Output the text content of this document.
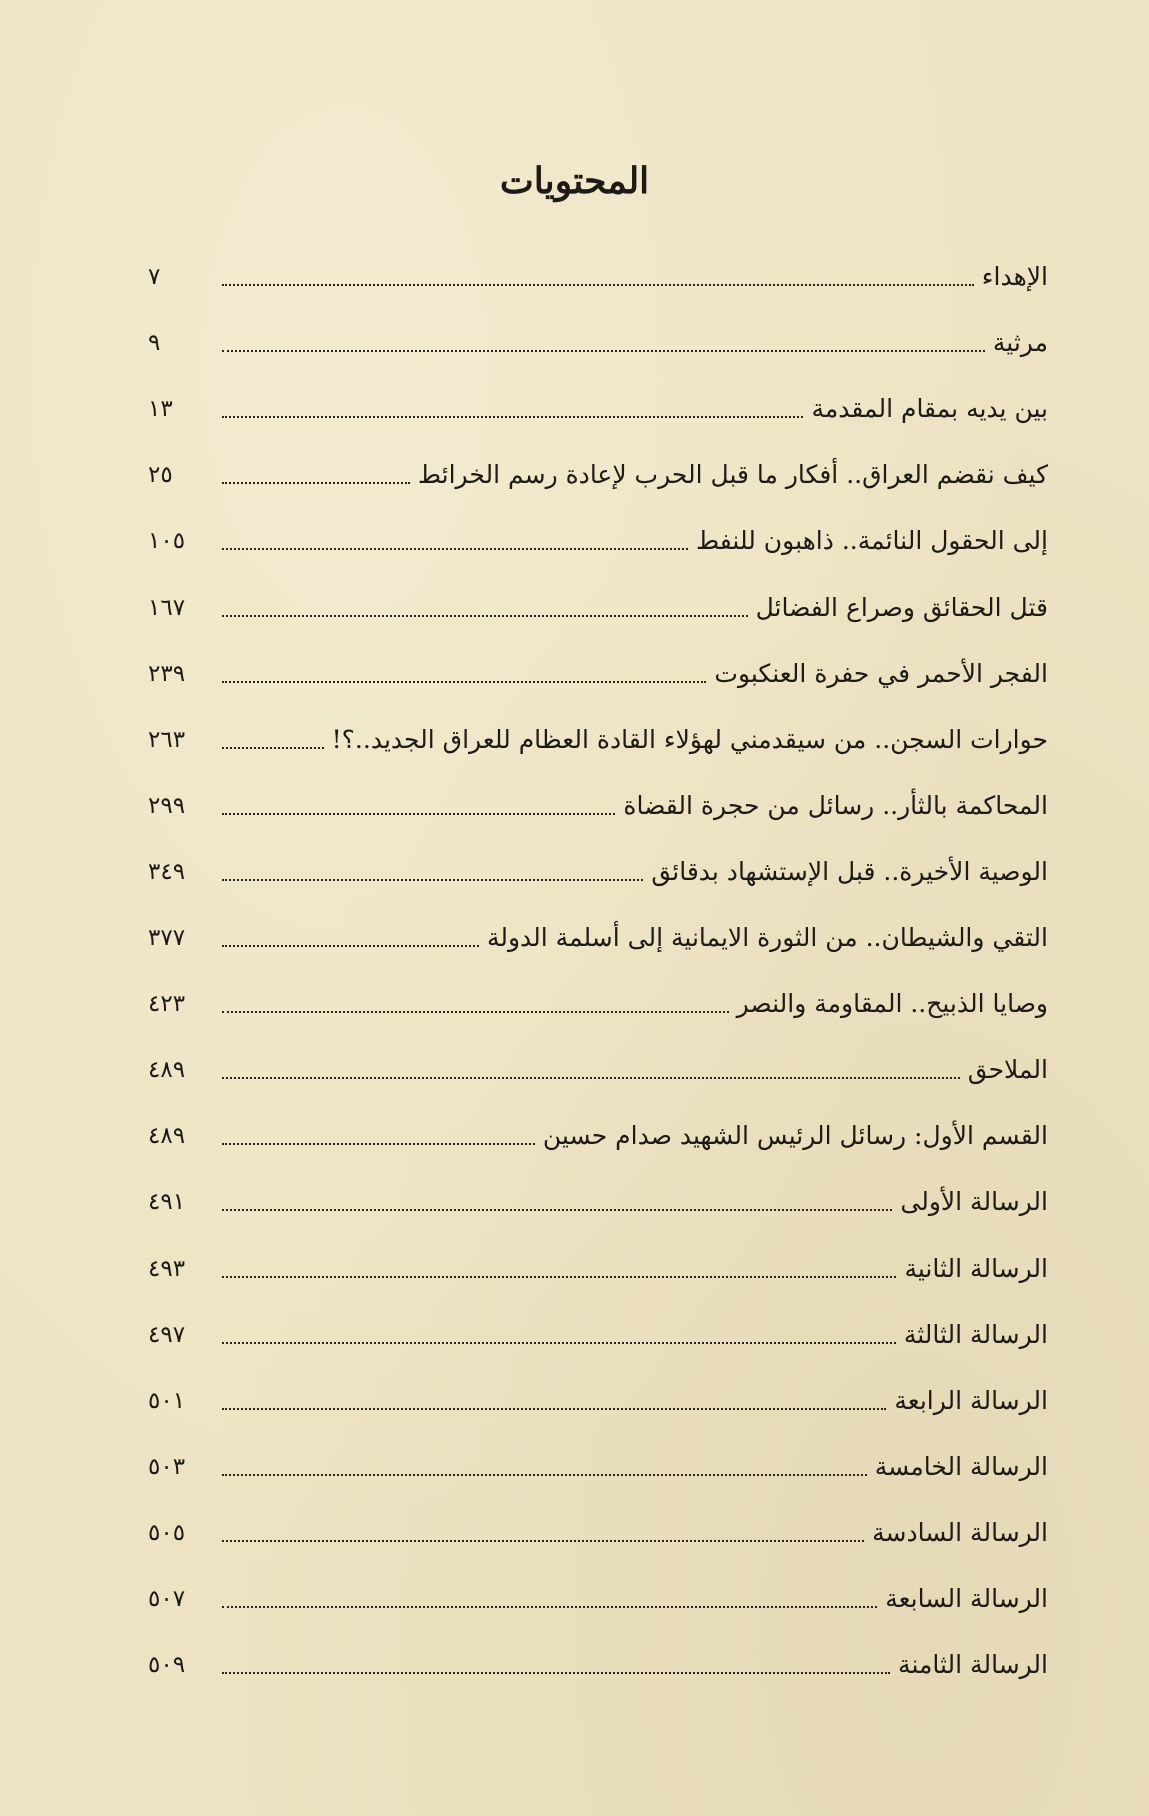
المحتويات
الإهداء
٧
مرثية
٩
بين يديه بمقام المقدمة
١٣
كيف نقضم العراق.. أفكار ما قبل الحرب لإعادة رسم الخرائط
٢٥
إلى الحقول النائمة.. ذاهبون للنفط
١٠٥
قتل الحقائق وصراع الفضائل
١٦٧
الفجر الأحمر في حفرة العنكبوت
٢٣٩
حوارات السجن.. من سيقدمني لهؤلاء القادة العظام للعراق الجديد..؟!
٢٦٣
المحاكمة بالثأر.. رسائل من حجرة القضاة
٢٩٩
الوصية الأخيرة.. قبل الإستشهاد بدقائق
٣٤٩
التقي والشيطان.. من الثورة الايمانية إلى أسلمة الدولة
٣٧٧
وصايا الذبيح.. المقاومة والنصر
٤٢٣
الملاحق
٤٨٩
القسم الأول: رسائل الرئيس الشهيد صدام حسين
٤٨٩
الرسالة الأولى
٤٩١
الرسالة الثانية
٤٩٣
الرسالة الثالثة
٤٩٧
الرسالة الرابعة
٥٠١
الرسالة الخامسة
٥٠٣
الرسالة السادسة
٥٠٥
الرسالة السابعة
٥٠٧
الرسالة الثامنة
٥٠٩
